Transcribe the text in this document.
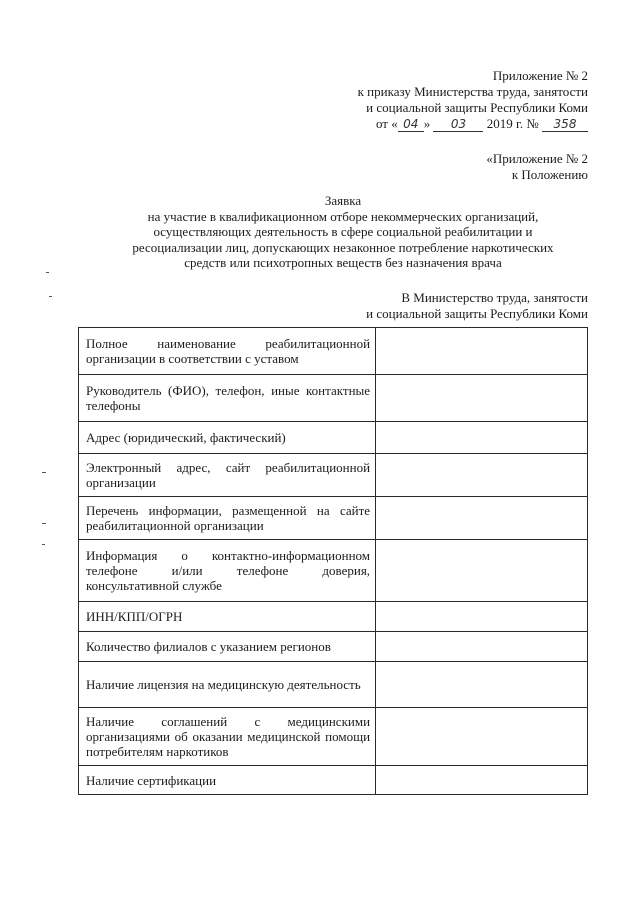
Приложение № 2
к приказу Министерства труда, занятости
и социальной защиты Республики Коми
от « 04 » 03 2019 г. № 358
«Приложение № 2
к Положению
Заявка
на участие в квалификационном отборе некоммерческих организаций,
осуществляющих деятельность в сфере социальной реабилитации и
ресоциализации лиц, допускающих незаконное потребление наркотических
средств или психотропных веществ без назначения врача
В Министерство труда, занятости
и социальной защиты Республики Коми
Полное наименование реабилитационной организации в соответствии с уставом	
Руководитель (ФИО), телефон, иные контактные телефоны	
Адрес (юридический, фактический)	
Электронный адрес, сайт реабилитационной организации	
Перечень информации, размещенной на сайте реабилитационной организации	
Информация о контактно-информационном телефоне и/или телефоне доверия, консультативной службе	
ИНН/КПП/ОГРН	
Количество филиалов с указанием регионов	
Наличие лицензия на медицинскую деятельность	
Наличие соглашений с медицинскими организациями об оказании медицинской помощи потребителям наркотиков	
Наличие сертификации	
